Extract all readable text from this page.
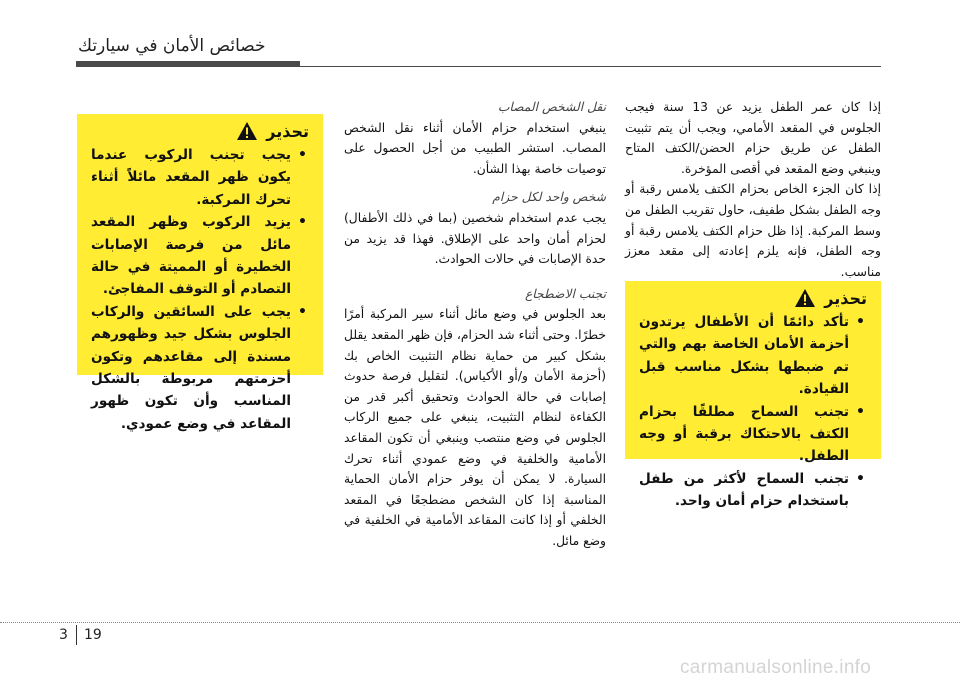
خصائص الأمان في سيارتك

إذا كان عمر الطفل يزيد عن 13 سنة فيجب الجلوس في المقعد الأمامي، ويجب أن يتم تثبيت الطفل عن طريق حزام الحضن/الكتف المتاح وينبغي وضع المقعد في أقصى المؤخرة.

إذا كان الجزء الخاص بحزام الكتف يلامس رقبة أو وجه الطفل بشكل طفيف، حاول تقريب الطفل من وسط المركبة. إذا ظل حزام الكتف يلامس رقبة أو وجه الطفل، فإنه يلزم إعادته إلى مقعد معزز مناسب.

تحذير
• تأكد دائمًا أن الأطفال يرتدون أحزمة الأمان الخاصة بهم والتي تم ضبطها بشكل مناسب قبل القيادة.
• تجنب السماح مطلقًا بحزام الكتف بالاحتكاك برقبة أو وجه الطفل.
• تجنب السماح لأكثر من طفل باستخدام حزام أمان واحد.

نقل الشخص المصاب

ينبغي استخدام حزام الأمان أثناء نقل الشخص المصاب. استشر الطبيب من أجل الحصول على توصيات خاصة بهذا الشأن.

شخص واحد لكل حزام

يجب عدم استخدام شخصين (بما في ذلك الأطفال) لحزام أمان واحد على الإطلاق. فهذا قد يزيد من حدة الإصابات في حالات الحوادث.

تجنب الاضطجاع

بعد الجلوس في وضع مائل أثناء سير المركبة أمرًا خطرًا. وحتى أثناء شد الحزام، فإن ظهر المقعد يقلل بشكل كبير من حماية نظام التثبيت الخاص بك (أحزمة الأمان و/أو الأكياس). لتقليل فرصة حدوث إصابات في حالة الحوادث وتحقيق أكبر قدر من الكفاءة لنظام التثبيت، ينبغي على جميع الركاب الجلوس في وضع منتصب وينبغي أن تكون المقاعد الأمامية والخلفية في وضع عمودي أثناء تحرك السيارة. لا يمكن أن يوفر حزام الأمان الحماية المناسبة إذا كان الشخص مضطجعًا في المقعد الخلفي أو إذا كانت المقاعد الأمامية في الخلفية في وضع مائل.

تحذير
• يجب تجنب الركوب عندما يكون ظهر المقعد مائلاً أثناء تحرك المركبة.
• يزيد الركوب وظهر المقعد مائل من فرصة الإصابات الخطيرة أو المميتة في حالة التصادم أو التوقف المفاجئ.
• يجب على السائقين والركاب الجلوس بشكل جيد وظهورهم مسندة إلى مقاعدهم وتكون أحزمتهم مربوطة بالشكل المناسب وأن تكون ظهور المقاعد في وضع عمودي.
3 19
carmanualsonline.info
